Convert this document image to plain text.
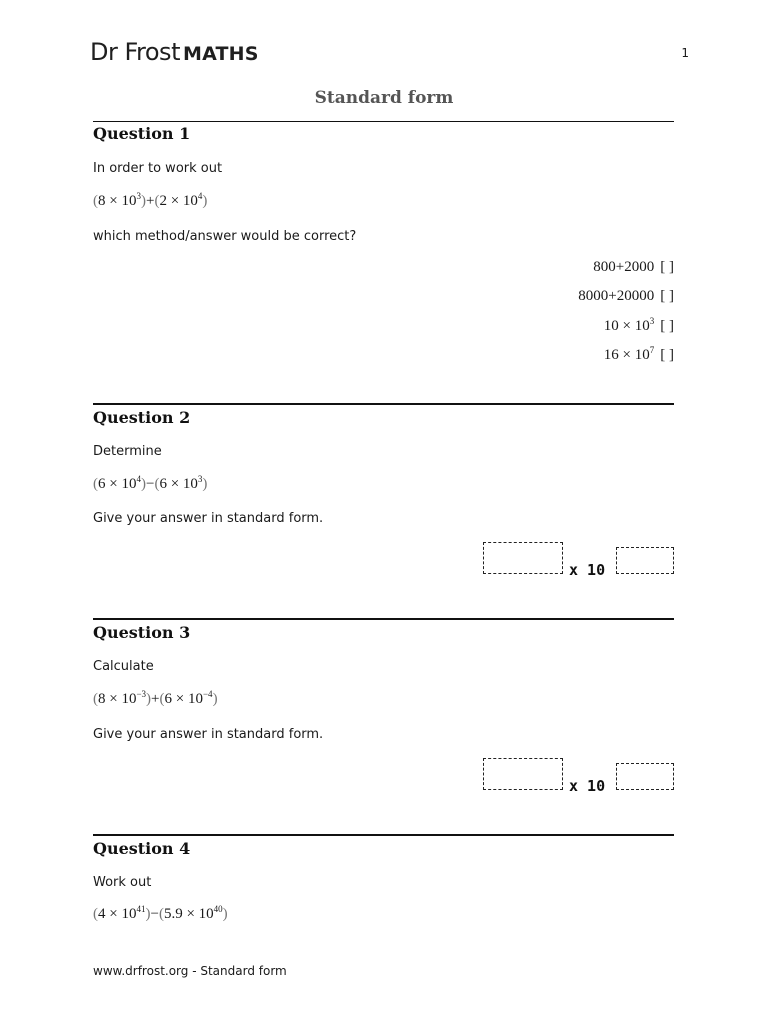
Dr Frost MATHS	1
Standard form
Question 1
In order to work out
$(8 \times 10^3)+(2 \times 10^4)$
which method/answer would be correct?
800+2000 [ ]
8000+20000 [ ]
$10 \times 10^3$ [ ]
$16 \times 10^7$ [ ]
Question 2
Determine
$(6 \times 10^4)-(6 \times 10^3)$
Give your answer in standard form.
x 10
Question 3
Calculate
$(8 \times 10^{-3})+(6 \times 10^{-4})$
Give your answer in standard form.
x 10
Question 4
Work out
$(4 \times 10^{41})-(5.9 \times 10^{40})$
www.drfrost.org - Standard form
